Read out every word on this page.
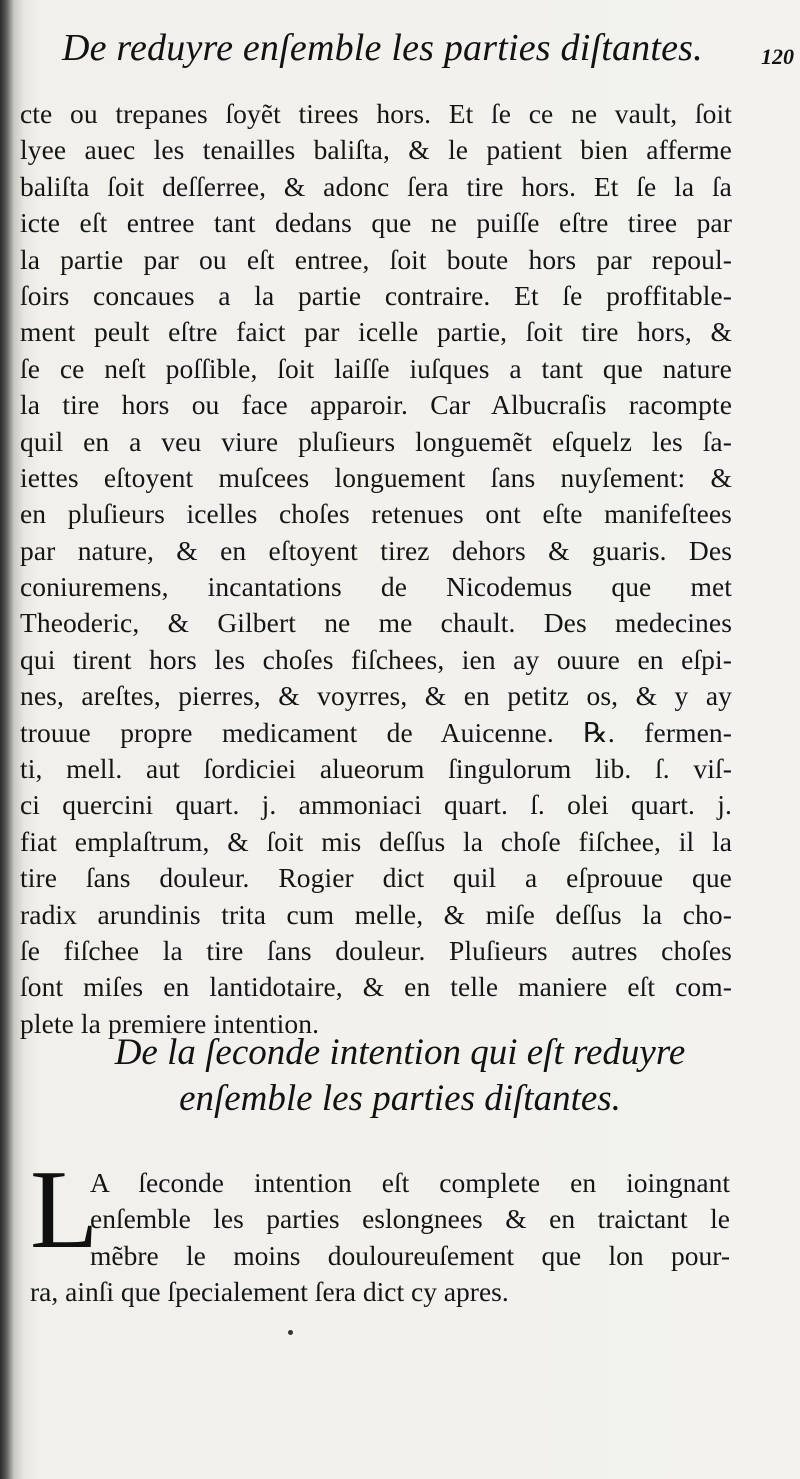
De reduyre enſemble les parties diſtantes.	120
cte ou trepanes ſoyẽt tirees hors. Et ſe ce ne vault, ſoit
lyee auec les tenailles baliſta, & le patient bien afferme
baliſta ſoit deſſerree, & adonc ſera tire hors. Et ſe la ſa
icte eſt entree tant dedans que ne puiſſe eſtre tiree par
la partie par ou eſt entree, ſoit boute hors par repoul-
ſoirs concaues a la partie contraire. Et ſe proffitable-
ment peult eſtre faict par icelle partie, ſoit tire hors, &
ſe ce neſt poſſible, ſoit laiſſe iuſques a tant que nature
la tire hors ou face apparoir. Car Albucraſis racompte
quil en a veu viure pluſieurs longuemẽt eſquelz les ſa-
iettes eſtoyent muſcees longuement ſans nuyſement: &
en pluſieurs icelles choſes retenues ont eſte manifeſtees
par nature, & en eſtoyent tirez dehors & guaris. Des
coniuremens, incantations de Nicodemus que met
Theoderic, & Gilbert ne me chault. Des medecines
qui tirent hors les choſes fiſchees, ien ay ouure en eſpi-
nes, areſtes, pierres, & voyrres, & en petitz os, & y ay
trouue propre medicament de Auicenne. ℞. fermen-
ti, mell. aut ſordiciei alueorum ſingulorum lib. ſ. viſ-
ci quercini quart. j. ammoniaci quart. ſ. olei quart. j.
fiat emplaſtrum, & ſoit mis deſſus la choſe fiſchee, il la
tire ſans douleur. Rogier dict quil a eſprouue que
radix arundinis trita cum melle, & miſe deſſus la cho-
ſe fiſchee la tire ſans douleur. Pluſieurs autres choſes
ſont miſes en lantidotaire, & en telle maniere eſt com-
plete la premiere intention.
De la ſeconde intention qui eſt reduyre
enſemble les parties diſtantes.
L
A ſeconde intention eſt complete en ioingnant
enſemble les parties eslongnees & en traictant le
mẽbre le moins douloureuſement que lon pour-
ra, ainſi que ſpecialement ſera dict cy apres.
